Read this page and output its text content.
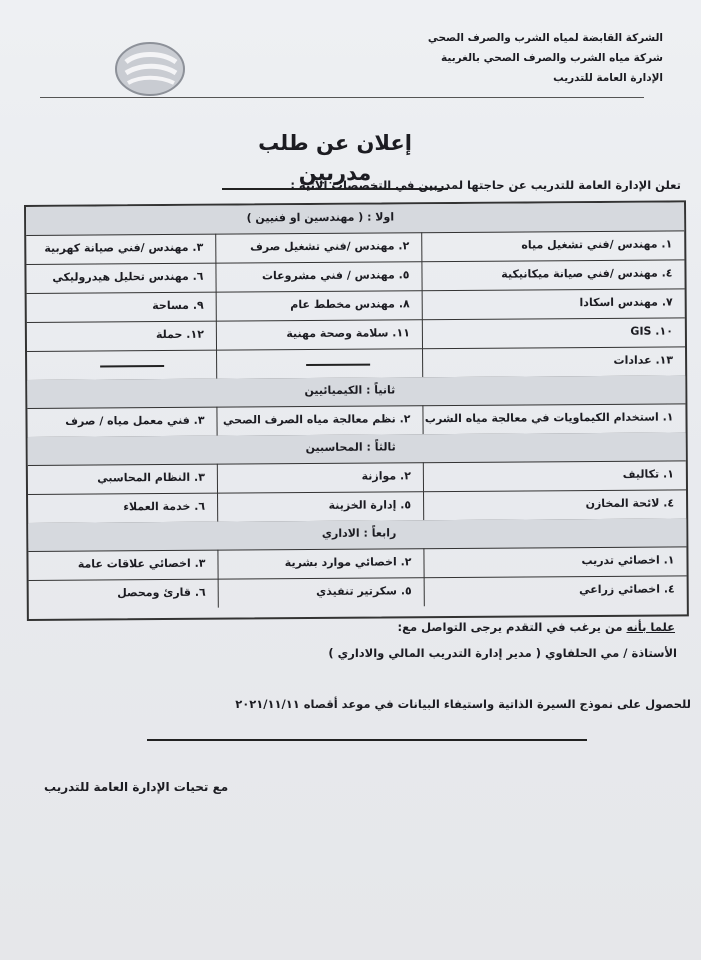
الشركة القابضة لمياه الشرب والصرف الصحي
شركة مياه الشرب والصرف الصحي بالغربية
الإدارة العامة للتدريب
إعلان عن طلب مدربين
تعلن الإدارة العامة للتدريب عن حاجتها لمدربين في التخصصات الآتية :
اولا : ( مهندسين او فنيين )
١. مهندس /فني تشغيل مياه
٢. مهندس /فني تشغيل صرف
٣. مهندس /فني صيانة كهربية
٤. مهندس /فني صيانة ميكانيكية
٥. مهندس / فني مشروعات
٦. مهندس تحليل هيدروليكي
٧. مهندس اسكادا
٨. مهندس مخطط عام
٩. مساحة
١٠. GIS
١١. سلامة وصحة مهنية
١٢. حملة
١٣. عدادات
ثانياً : الكيميائيين
١. استخدام الكيماويات في معالجة مياه الشرب
٢. نظم معالجة مياه الصرف الصحي
٣. فني معمل مياه / صرف
ثالثاً : المحاسبين
١. تكاليف
٢. موازنة
٣. النظام المحاسبي
٤. لائحة المخازن
٥. إدارة الخزينة
٦. خدمة العملاء
رابعاً : الاداري
١. اخصائي تدريب
٢. اخصائي موارد بشرية
٣. اخصائي علاقات عامة
٤. اخصائي زراعي
٥. سكرتير تنفيذي
٦. قارئ ومحصل
علما بأنه من يرغب في التقدم يرجى التواصل مع:
الأستاذة / مي الحلفاوي ( مدير إدارة التدريب المالي والاداري )
للحصول على نموذج السيرة الذاتية واستيفاء البيانات في موعد أقصاه ٢٠٢١/١١/١١
مع تحيات الإدارة العامة للتدريب
